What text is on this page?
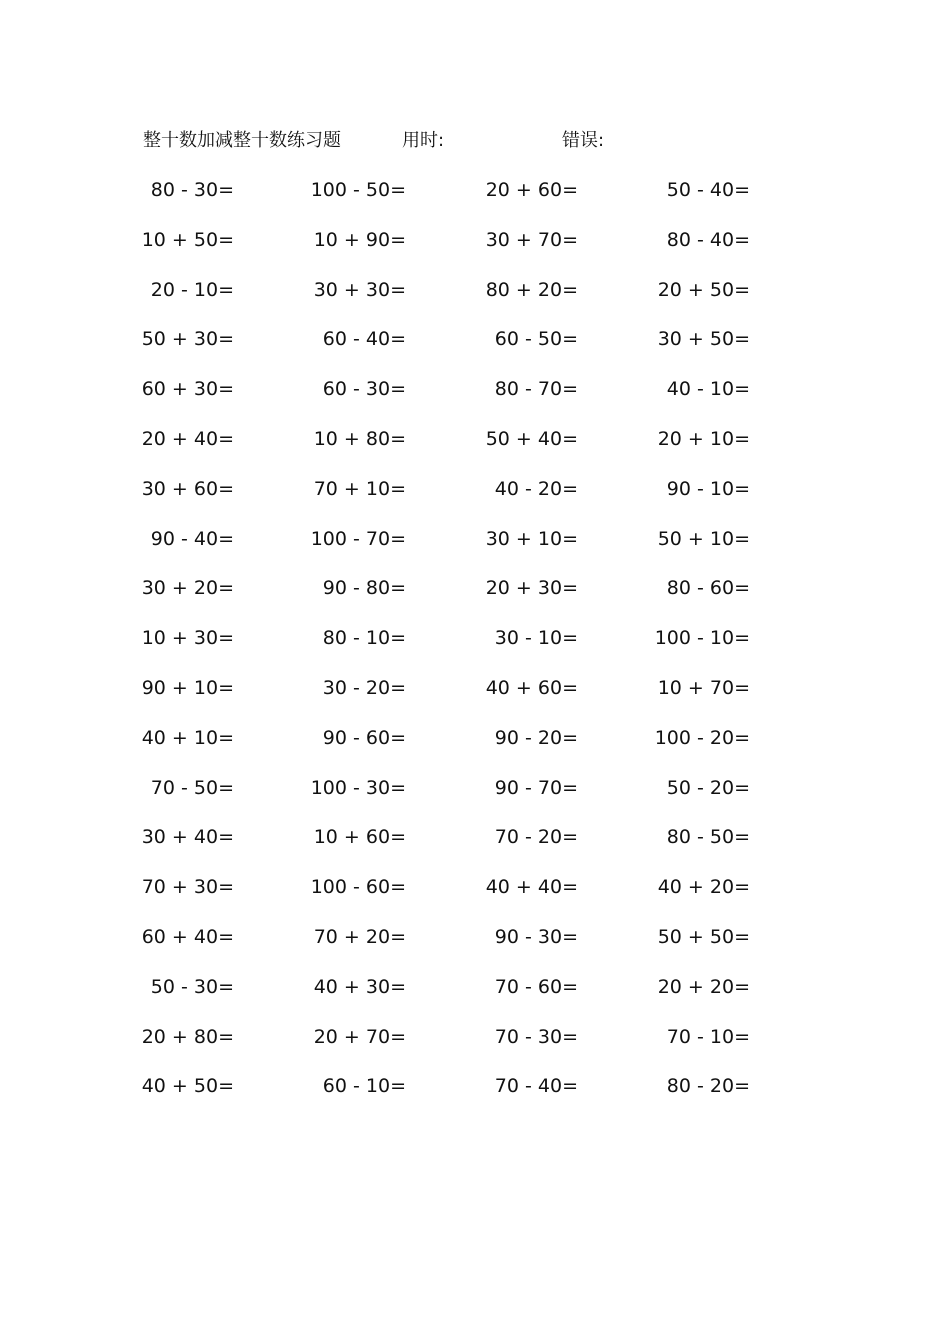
整十数加减整十数练习题	用时:	错误:
80 - 30=	100 - 50=	20 + 60=	50 - 40=
10 + 50=	10 + 90=	30 + 70=	80 - 40=
20 - 10=	30 + 30=	80 + 20=	20 + 50=
50 + 30=	60 - 40=	60 - 50=	30 + 50=
60 + 30=	60 - 30=	80 - 70=	40 - 10=
20 + 40=	10 + 80=	50 + 40=	20 + 10=
30 + 60=	70 + 10=	40 - 20=	90 - 10=
90 - 40=	100 - 70=	30 + 10=	50 + 10=
30 + 20=	90 - 80=	20 + 30=	80 - 60=
10 + 30=	80 - 10=	30 - 10=	100 - 10=
90 + 10=	30 - 20=	40 + 60=	10 + 70=
40 + 10=	90 - 60=	90 - 20=	100 - 20=
70 - 50=	100 - 30=	90 - 70=	50 - 20=
30 + 40=	10 + 60=	70 - 20=	80 - 50=
70 + 30=	100 - 60=	40 + 40=	40 + 20=
60 + 40=	70 + 20=	90 - 30=	50 + 50=
50 - 30=	40 + 30=	70 - 60=	20 + 20=
20 + 80=	20 + 70=	70 - 30=	70 - 10=
40 + 50=	60 - 10=	70 - 40=	80 - 20=
